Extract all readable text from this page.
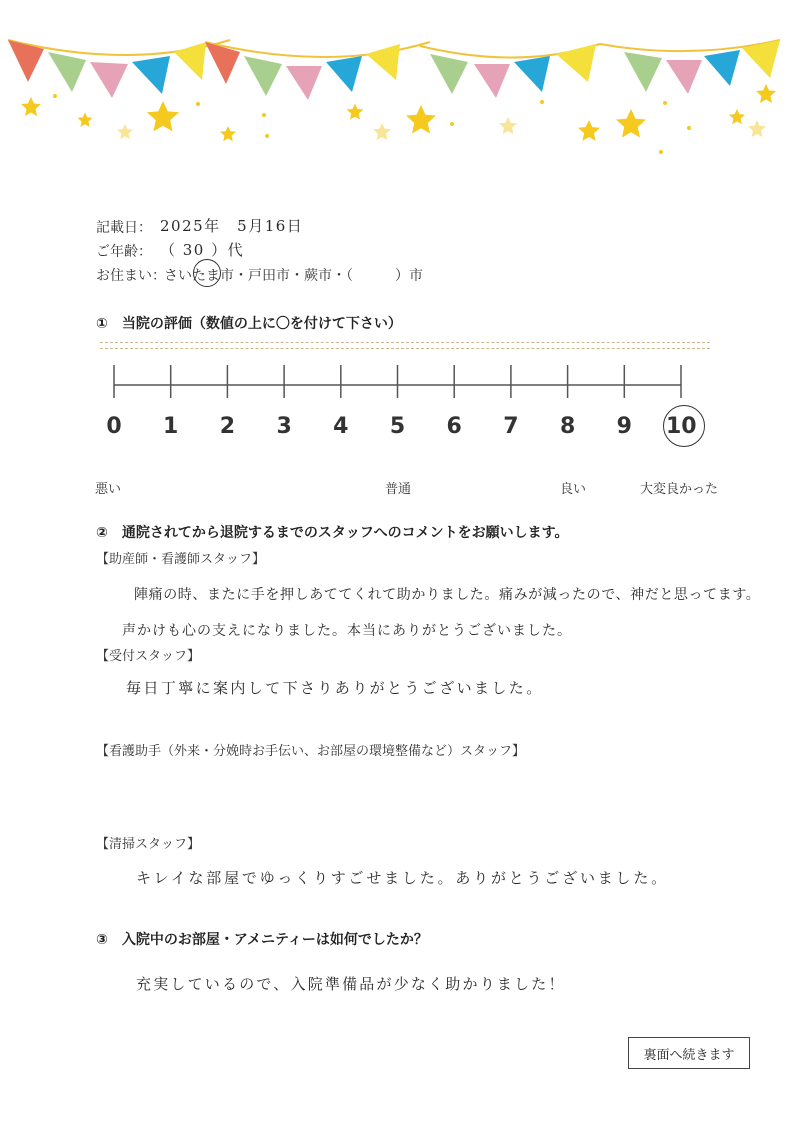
記載日： 2025年　5月16日
ご年齢： （ 30 ）代
お住まい：
さいたま市・戸田市・蕨市・（　　　）市
①　当院の評価（数値の上に〇を付けて下さい）
0	1	2	3	4	5	6	7	8	9	10
悪い	普通	良い	大変良かった
②　通院されてから退院するまでのスタッフへのコメントをお願いします。
【助産師・看護師スタッフ】
陣痛の時、またに手を押しあててくれて助かりました。痛みが減ったので、神だと思ってます。
声かけも心の支えになりました。本当にありがとうございました。
【受付スタッフ】
毎日丁寧に案内して下さりありがとうございました。
【看護助手（外来・分娩時お手伝い、お部屋の環境整備など）スタッフ】
【清掃スタッフ】
キレイな部屋でゆっくりすごせました。ありがとうございました。
③　入院中のお部屋・アメニティーは如何でしたか？
充実しているので、入院準備品が少なく助かりました！
裏面へ続きます
